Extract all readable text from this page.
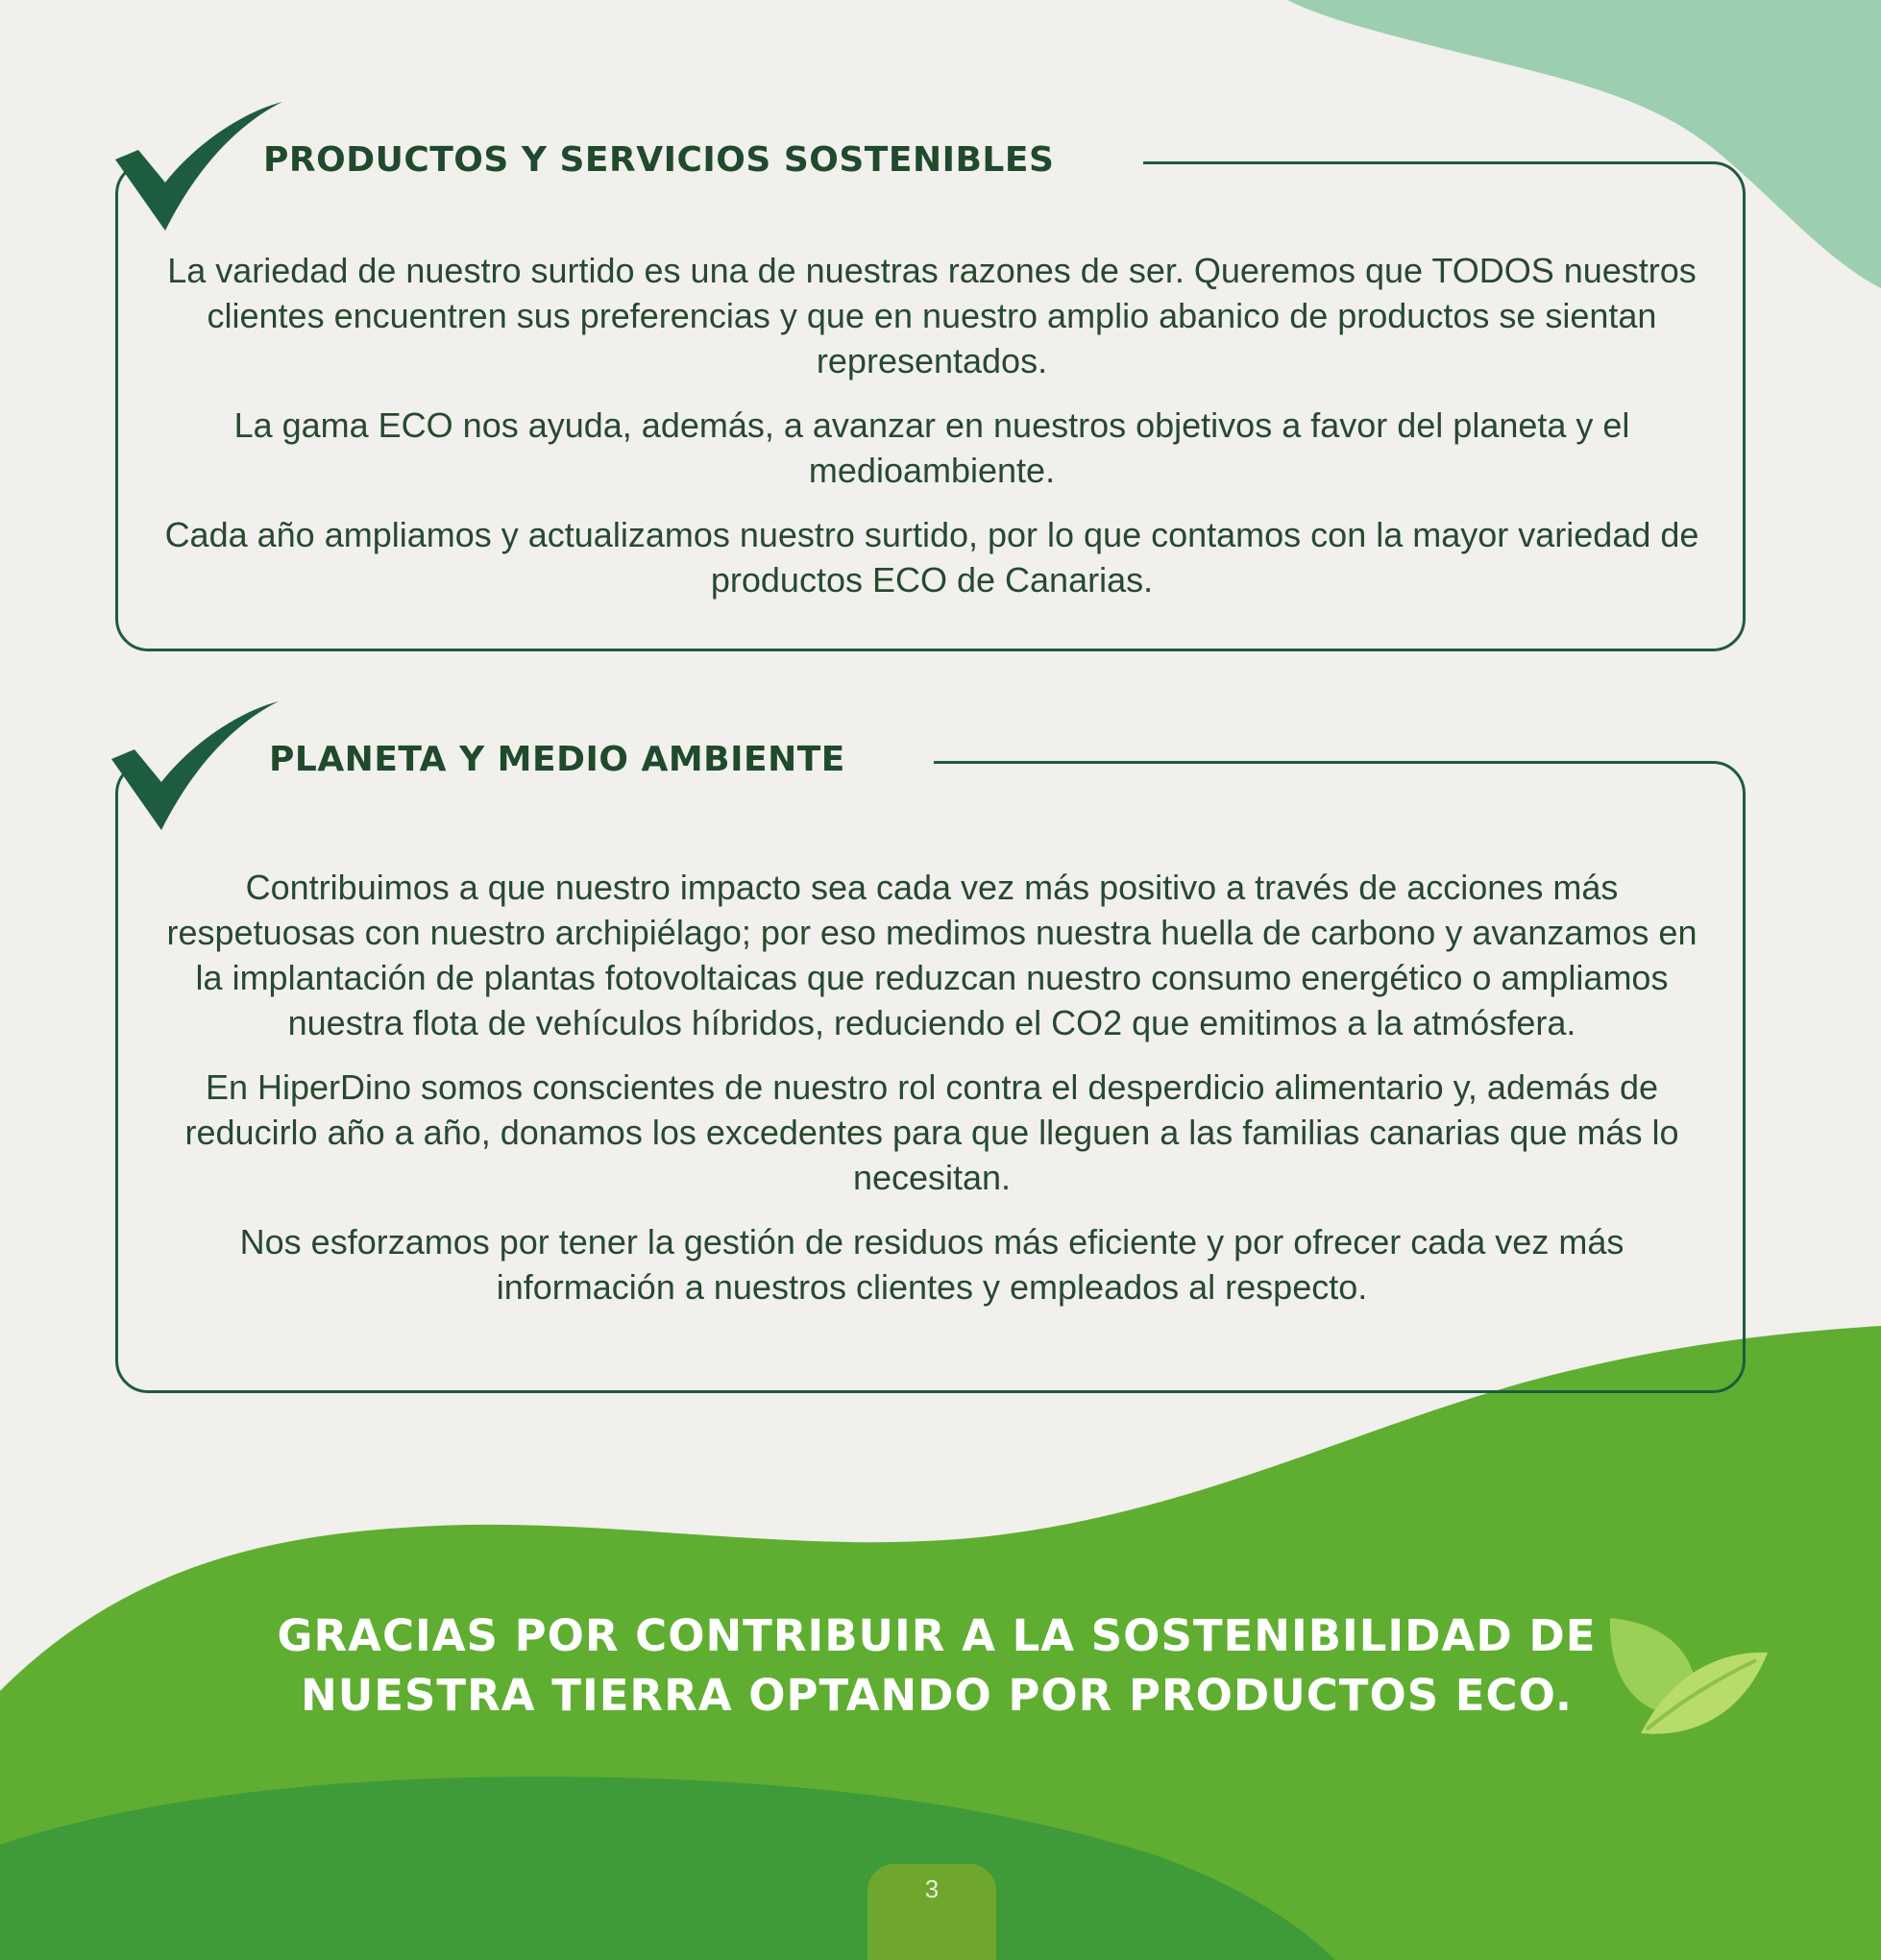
PRODUCTOS Y SERVICIOS SOSTENIBLES

La variedad de nuestro surtido es una de nuestras razones de ser. Queremos que TODOS nuestros clientes encuentren sus preferencias y que en nuestro amplio abanico de productos se sientan representados.

La gama ECO nos ayuda, además, a avanzar en nuestros objetivos a favor del planeta y el medioambiente.

Cada año ampliamos y actualizamos nuestro surtido, por lo que contamos con la mayor variedad de productos ECO de Canarias.

PLANETA Y MEDIO AMBIENTE

Contribuimos a que nuestro impacto sea cada vez más positivo a través de acciones más respetuosas con nuestro archipiélago; por eso medimos nuestra huella de carbono y avanzamos en la implantación de plantas fotovoltaicas que reduzcan nuestro consumo energético o ampliamos nuestra flota de vehículos híbridos, reduciendo el CO2 que emitimos a la atmósfera.

En HiperDino somos conscientes de nuestro rol contra el desperdicio alimentario y, además de reducirlo año a año, donamos los excedentes para que lleguen a las familias canarias que más lo necesitan.

Nos esforzamos por tener la gestión de residuos más eficiente y por ofrecer cada vez más información a nuestros clientes y empleados al respecto.

GRACIAS POR CONTRIBUIR A LA SOSTENIBILIDAD DE
NUESTRA TIERRA OPTANDO POR PRODUCTOS ECO.
3
